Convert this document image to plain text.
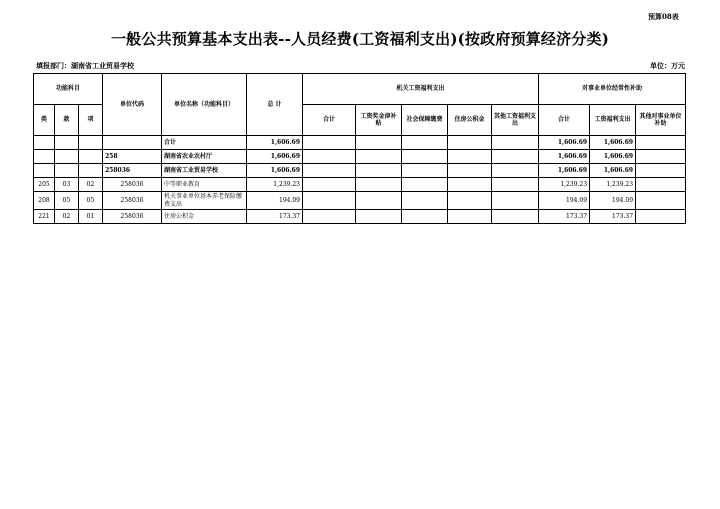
预算08表
一般公共预算基本支出表--人员经费(工资福利支出)(按政府预算经济分类)
填报部门：湖南省工业贸易学校	单位：万元
功能科目			单位代码	单位名称（功能科目）	总 计	机关工资福利支出					对事业单位经常性补助		
类	款	项				合计	工资奖金津补贴	社会保障缴费	住房公积金	其他工资福利支出	合计	工资福利支出	其他对事业单位补助
				合计	1,606.69						1,606.69	1,606.69	
			258	湖南省农业农村厅	1,606.69						1,606.69	1,606.69	
			258036	湖南省工业贸易学校	1,606.69						1,606.69	1,606.69	
205	03	02	258036	中等职业教育	1,239.23						1,239.23	1,239.23	
208	05	05	258036	机关事业单位基本养老保险缴费支出	194.09						194.09	194.09	
221	02	01	258036	住房公积金	173.37						173.37	173.37	
